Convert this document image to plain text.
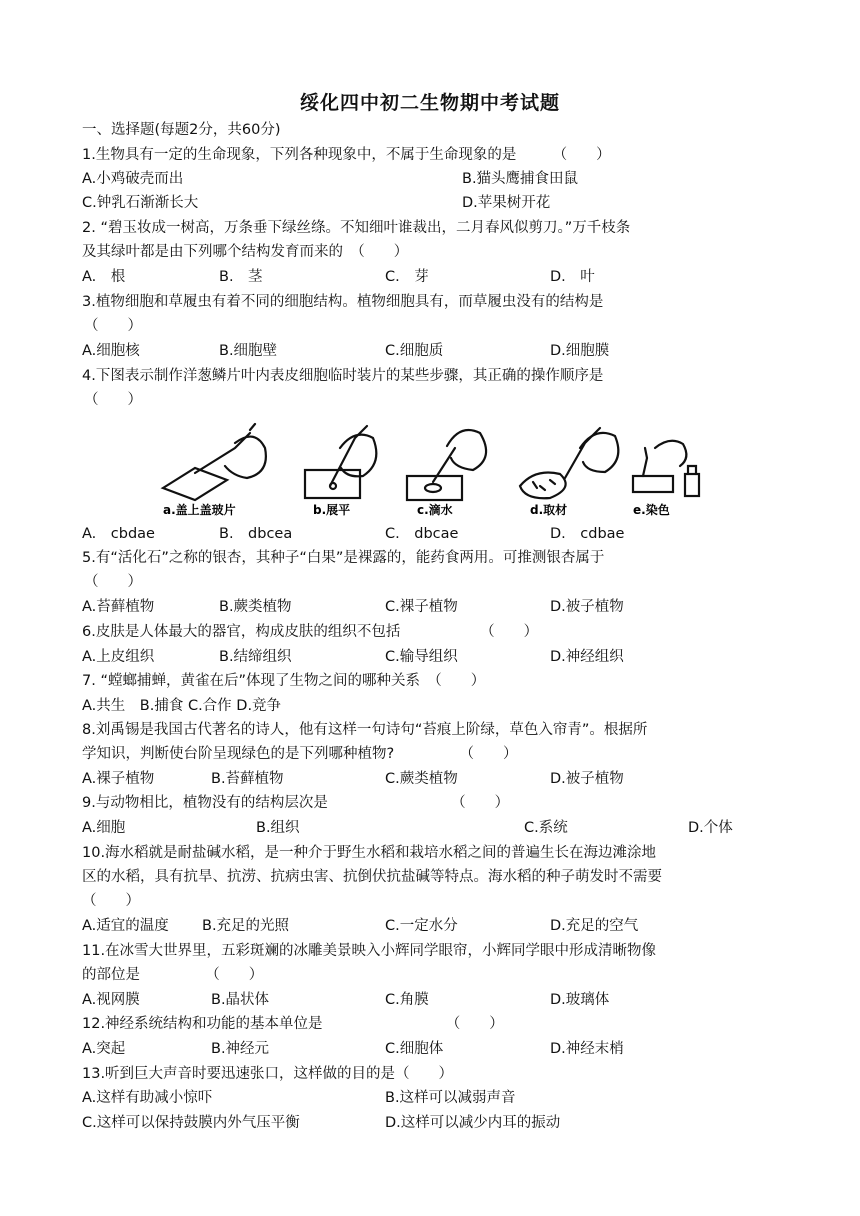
绥化四中初二生物期中考试题
一、选择题(每题2分，共60分)
1.生物具有一定的生命现象，下列各种现象中，不属于生命现象的是　　　（　　）
A.小鸡破壳而出	B.猫头鹰捕食田鼠
C.钟乳石渐渐长大	D.苹果树开花
2. “碧玉妆成一树高，万条垂下绿丝绦。不知细叶谁裁出，二月春风似剪刀。”万千枝条
及其绿叶都是由下列哪个结构发育而来的　（　　）
A.　根	B.　茎	C.　芽	D.　叶
3.植物细胞和草履虫有着不同的细胞结构。植物细胞具有，而草履虫没有的结构是
（　　）
A.细胞核	B.细胞壁	C.细胞质	D.细胞膜
4.下图表示制作洋葱鳞片叶内表皮细胞临时装片的某些步骤，其正确的操作顺序是
（　　）
a.盖上盖玻片	b.展平	c.滴水	d.取材	e.染色
A.　cbdae	B.　dbcea	C.　dbcae	D.　cdbae
5.有“活化石”之称的银杏，其种子“白果”是裸露的，能药食两用。可推测银杏属于
（　　）
A.苔藓植物	B.蕨类植物	C.裸子植物	D.被子植物
6.皮肤是人体最大的器官，构成皮肤的组织不包括　　　　　　（　　）
A.上皮组织	B.结缔组织	C.输导组织	D.神经组织
7. “螳螂捕蝉，黄雀在后”体现了生物之间的哪种关系　（　　）
A.共生　B.捕食 C.合作 D.竞争
8.刘禹锡是我国古代著名的诗人，他有这样一句诗句“苔痕上阶绿，草色入帘青”。根据所
学知识，判断使台阶呈现绿色的是下列哪种植物?　　　　　（　　）
A.裸子植物	B.苔藓植物	C.蕨类植物	D.被子植物
9.与动物相比，植物没有的结构层次是　　　　　　　　　（　　）
A.细胞	B.组织	C.系统	D.个体
10.海水稻就是耐盐碱水稻，是一种介于野生水稻和栽培水稻之间的普遍生长在海边滩涂地
区的水稻，具有抗旱、抗涝、抗病虫害、抗倒伏抗盐碱等特点。海水稻的种子萌发时不需要
（　　）
A.适宜的温度 B.充足的光照	C.一定水分	D.充足的空气
11.在冰雪大世界里，五彩斑斓的冰雕美景映入小辉同学眼帘，小辉同学眼中形成清晰物像
的部位是　　　　　（　　）
A.视网膜	B.晶状体	C.角膜	D.玻璃体
12.神经系统结构和功能的基本单位是　　　　　　　　　（　　）
A.突起	B.神经元	C.细胞体	D.神经末梢
13.听到巨大声音时要迅速张口，这样做的目的是（　　）
A.这样有助减小惊吓	B.这样可以减弱声音
C.这样可以保持鼓膜内外气压平衡	D.这样可以减少内耳的振动
